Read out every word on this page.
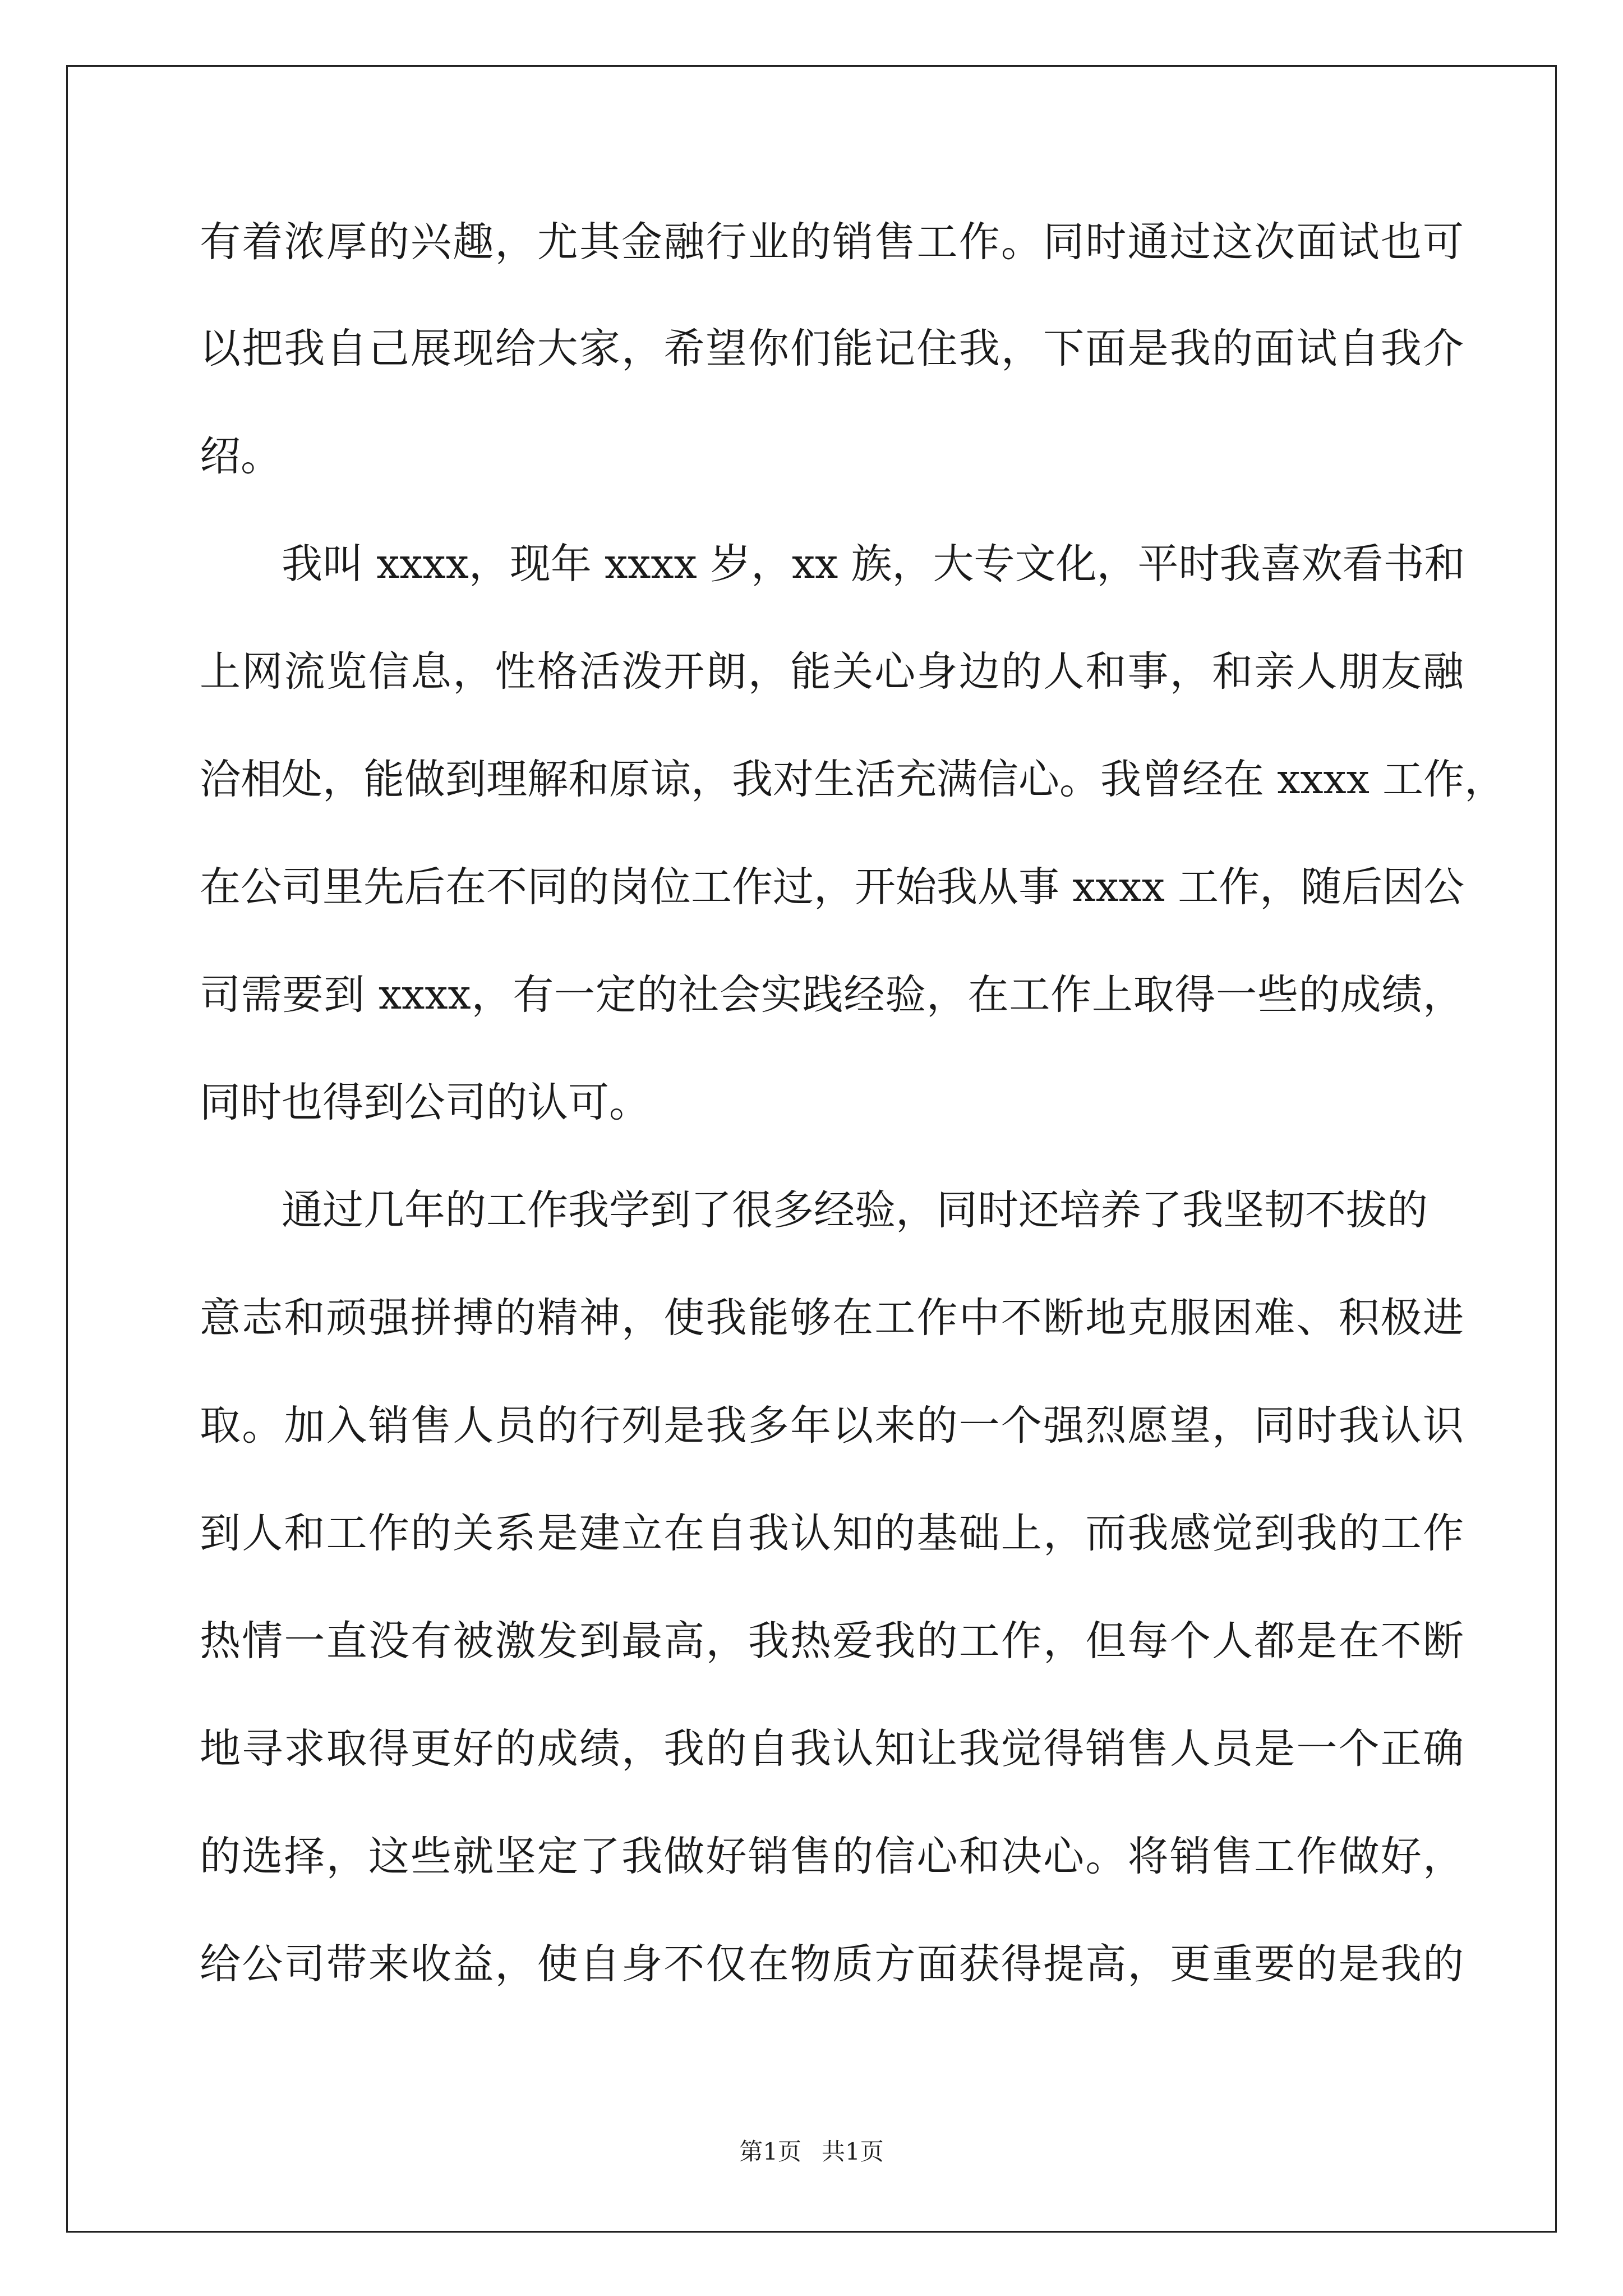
有着浓厚的兴趣，尤其金融行业的销售工作。同时通过这次面试也可
以把我自己展现给大家，希望你们能记住我，下面是我的面试自我介
绍。
我叫 xxxx，现年 xxxx 岁，xx 族，大专文化，平时我喜欢看书和
上网流览信息，性格活泼开朗，能关心身边的人和事，和亲人朋友融
洽相处，能做到理解和原谅，我对生活充满信心。我曾经在 xxxx 工作，
在公司里先后在不同的岗位工作过，开始我从事 xxxx 工作，随后因公
司需要到 xxxx，有一定的社会实践经验，在工作上取得一些的成绩，
同时也得到公司的认可。
通过几年的工作我学到了很多经验，同时还培养了我坚韧不拔的
意志和顽强拼搏的精神，使我能够在工作中不断地克服困难、积极进
取。加入销售人员的行列是我多年以来的一个强烈愿望，同时我认识
到人和工作的关系是建立在自我认知的基础上，而我感觉到我的工作
热情一直没有被激发到最高，我热爱我的工作，但每个人都是在不断
地寻求取得更好的成绩，我的自我认知让我觉得销售人员是一个正确
的选择，这些就坚定了我做好销售的信心和决心。将销售工作做好，
给公司带来收益，使自身不仅在物质方面获得提高，更重要的是我的
第1页 共1页
